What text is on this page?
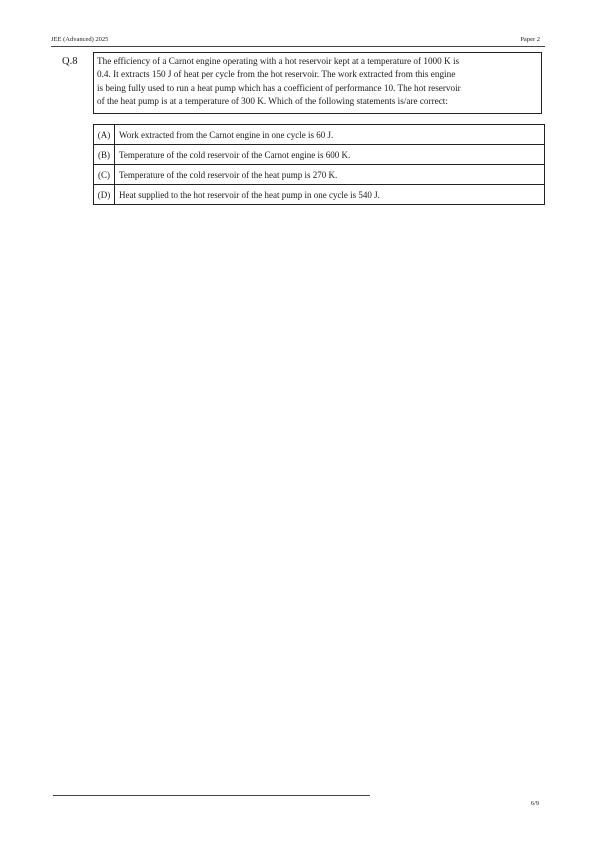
JEE (Advanced) 2025	Paper 2
Q.8 The efficiency of a Carnot engine operating with a hot reservoir kept at a temperature of 1000 K is
0.4. It extracts 150 J of heat per cycle from the hot reservoir. The work extracted from this engine
is being fully used to run a heat pump which has a coefficient of performance 10. The hot reservoir
of the heat pump is at a temperature of 300 K. Which of the following statements is/are correct:
(A)	Work extracted from the Carnot engine in one cycle is 60 J.
(B)	Temperature of the cold reservoir of the Carnot engine is 600 K.
(C)	Temperature of the cold reservoir of the heat pump is 270 K.
(D)	Heat supplied to the hot reservoir of the heat pump in one cycle is 540 J.
6/9
